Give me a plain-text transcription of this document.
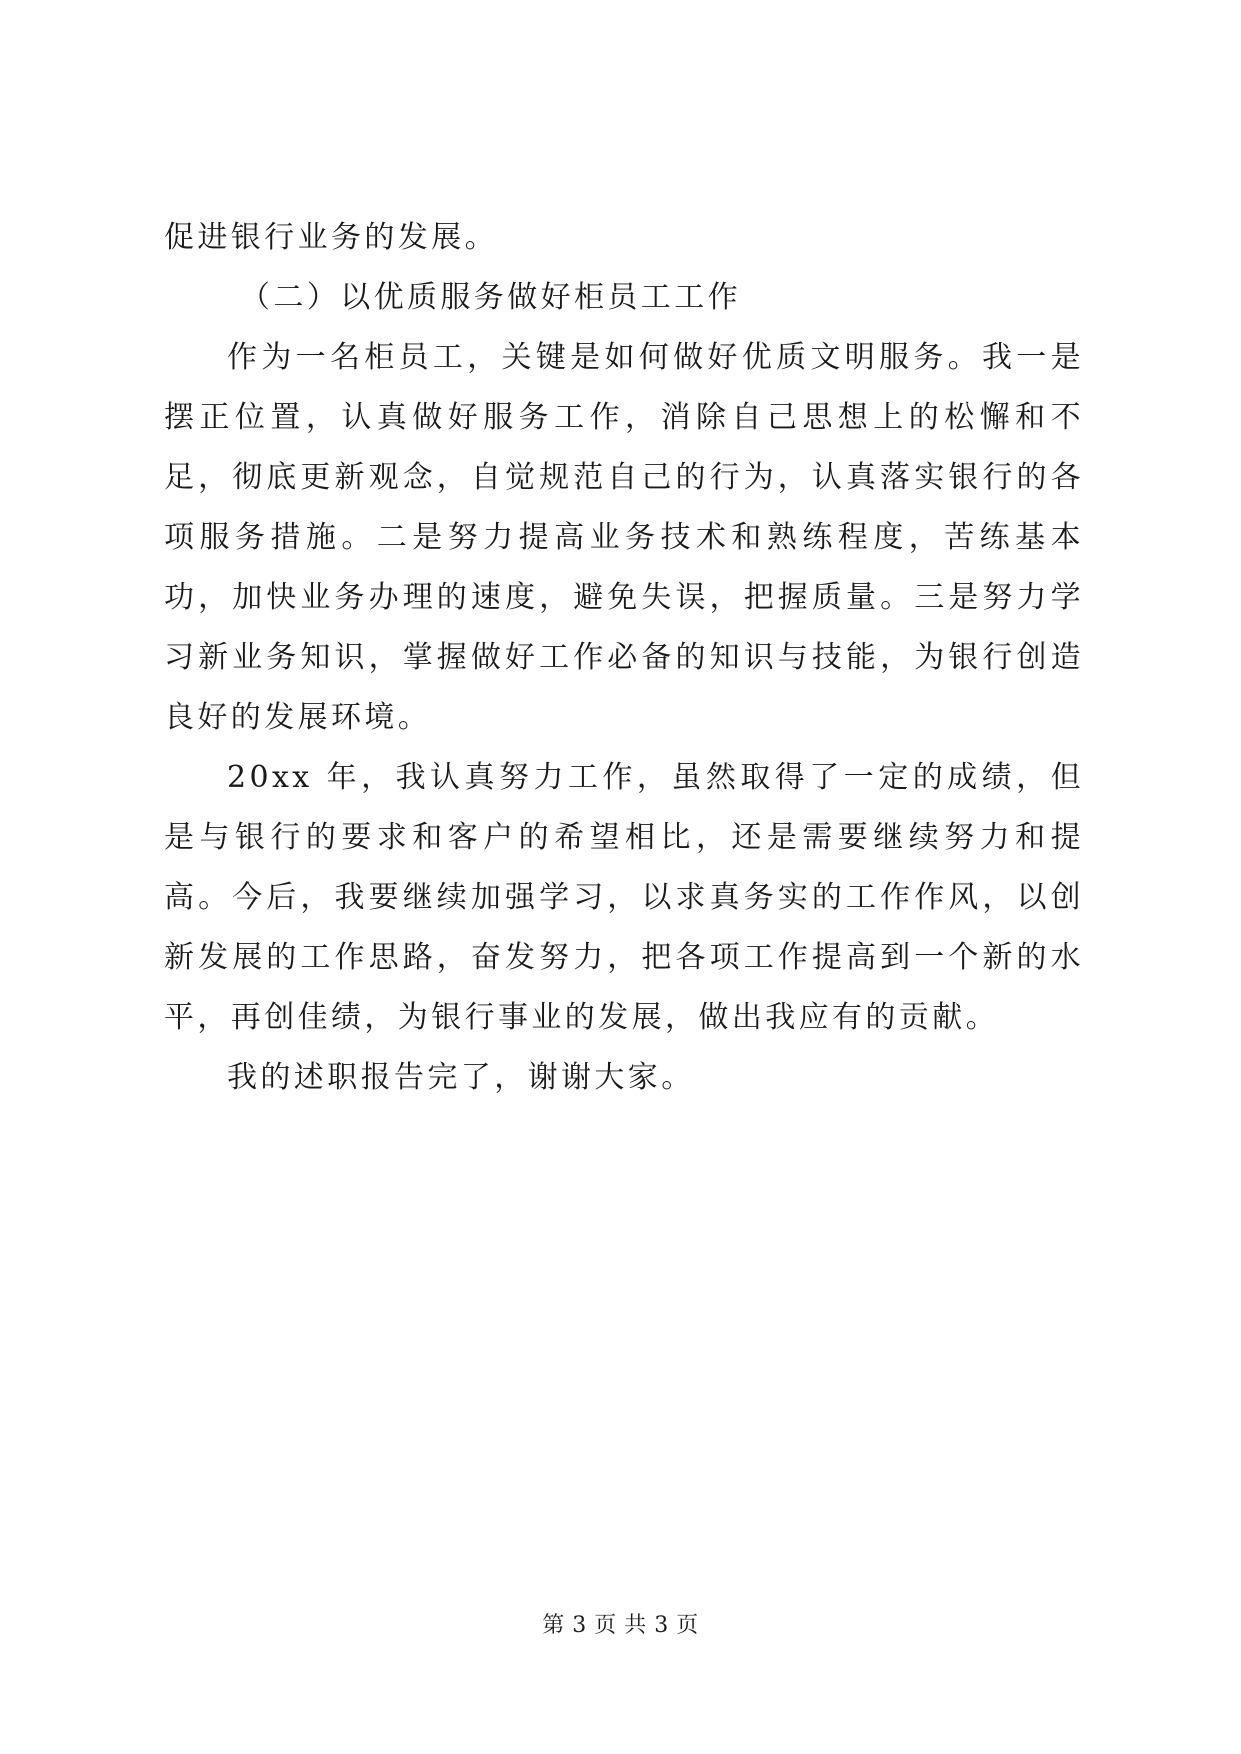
促进银行业务的发展。

（二）以优质服务做好柜员工工作

作为一名柜员工，关键是如何做好优质文明服务。我一是摆正位置，认真做好服务工作，消除自己思想上的松懈和不足，彻底更新观念，自觉规范自己的行为，认真落实银行的各项服务措施。二是努力提高业务技术和熟练程度，苦练基本功，加快业务办理的速度，避免失误，把握质量。三是努力学习新业务知识，掌握做好工作必备的知识与技能，为银行创造良好的发展环境。

20xx 年，我认真努力工作，虽然取得了一定的成绩，但是与银行的要求和客户的希望相比，还是需要继续努力和提高。今后，我要继续加强学习，以求真务实的工作作风，以创新发展的工作思路，奋发努力，把各项工作提高到一个新的水平，再创佳绩，为银行事业的发展，做出我应有的贡献。

我的述职报告完了，谢谢大家。

第 3 页 共 3 页
